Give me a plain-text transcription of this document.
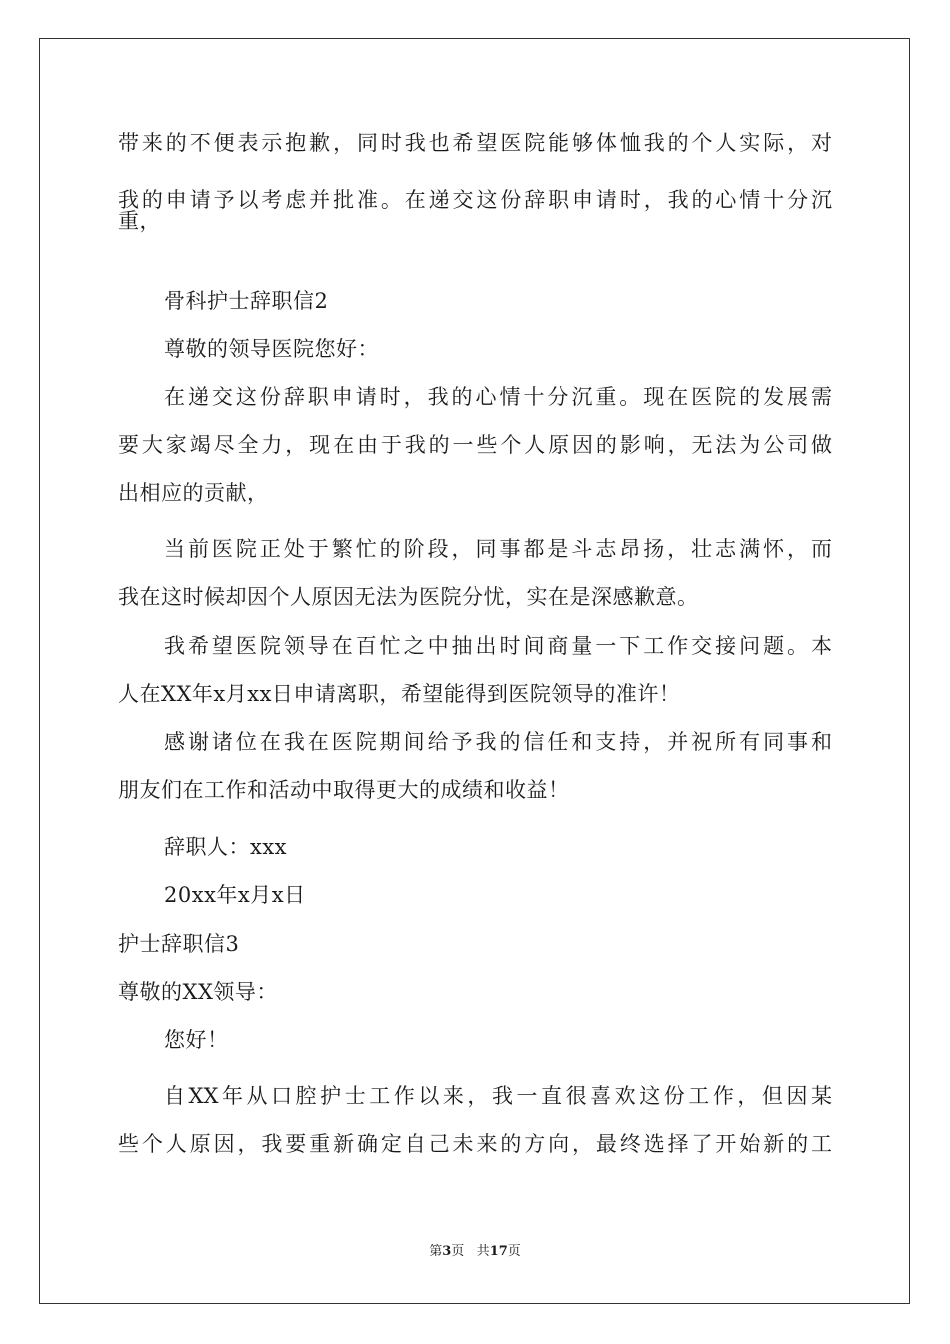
带来的不便表示抱歉，同时我也希望医院能够体恤我的个人实际，对
我的申请予以考虑并批准。在递交这份辞职申请时，我的心情十分沉
重，
骨科护士辞职信2
尊敬的领导医院您好：
在递交这份辞职申请时，我的心情十分沉重。现在医院的发展需
要大家竭尽全力，现在由于我的一些个人原因的影响，无法为公司做
出相应的贡献，
当前医院正处于繁忙的阶段，同事都是斗志昂扬，壮志满怀，而
我在这时候却因个人原因无法为医院分忧，实在是深感歉意。
我希望医院领导在百忙之中抽出时间商量一下工作交接问题。本
人在XX年x月xx日申请离职，希望能得到医院领导的准许！
感谢诸位在我在医院期间给予我的信任和支持，并祝所有同事和
朋友们在工作和活动中取得更大的成绩和收益！
辞职人：xxx
20xx年x月x日
护士辞职信3
尊敬的XX领导：
您好！
自XX年从口腔护士工作以来，我一直很喜欢这份工作，但因某
些个人原因，我要重新确定自己未来的方向，最终选择了开始新的工
第3页 共17页
